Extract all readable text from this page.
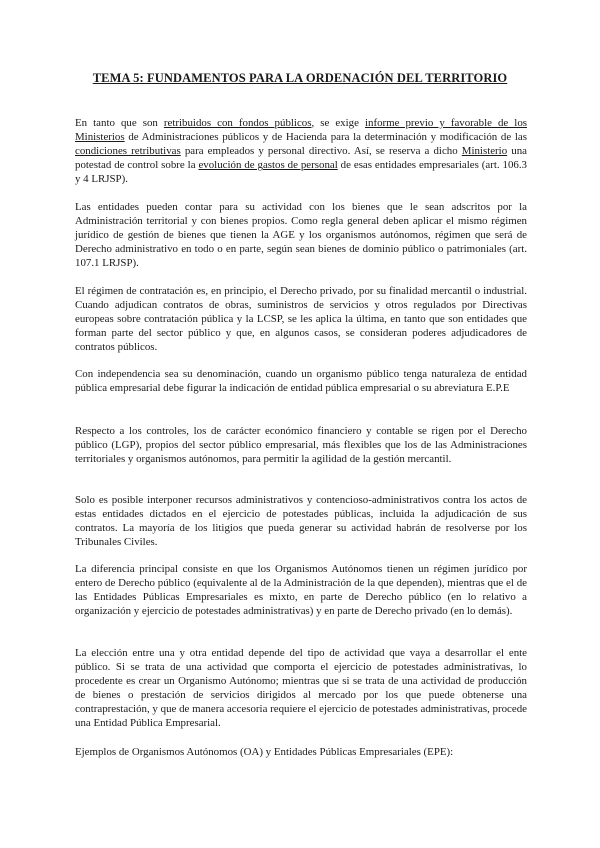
TEMA 5: FUNDAMENTOS PARA LA ORDENACIÓN DEL TERRITORIO

En tanto que son retribuidos con fondos públicos, se exige informe previo y favorable de los Ministerios de Administraciones públicos y de Hacienda para la determinación y modificación de las condiciones retributivas para empleados y personal directivo. Así, se reserva a dicho Ministerio una potestad de control sobre la evolución de gastos de personal de esas entidades empresariales (art. 106.3 y 4 LRJSP).

Las entidades pueden contar para su actividad con los bienes que le sean adscritos por la Administración territorial y con bienes propios. Como regla general deben aplicar el mismo régimen jurídico de gestión de bienes que tienen la AGE y los organismos autónomos, régimen que será de Derecho administrativo en todo o en parte, según sean bienes de dominio público o patrimoniales (art. 107.1 LRJSP).

El régimen de contratación es, en principio, el Derecho privado, por su finalidad mercantil o industrial. Cuando adjudican contratos de obras, suministros de servicios y otros regulados por Directivas europeas sobre contratación pública y la LCSP, se les aplica la última, en tanto que son entidades que forman parte del sector público y que, en algunos casos, se consideran poderes adjudicadores de contratos públicos.

Con independencia sea su denominación, cuando un organismo público tenga naturaleza de entidad pública empresarial debe figurar la indicación de entidad pública empresarial o su abreviatura E.P.E

Respecto a los controles, los de carácter económico financiero y contable se rigen por el Derecho público (LGP), propios del sector público empresarial, más flexibles que los de las Administraciones territoriales y organismos autónomos, para permitir la agilidad de la gestión mercantil.

Solo es posible interponer recursos administrativos y contencioso-administrativos contra los actos de estas entidades dictados en el ejercicio de potestades públicas, incluida la adjudicación de sus contratos. La mayoría de los litigios que pueda generar su actividad habrán de resolverse por los Tribunales Civiles.

La diferencia principal consiste en que los Organismos Autónomos tienen un régimen jurídico por entero de Derecho público (equivalente al de la Administración de la que dependen), mientras que el de las Entidades Públicas Empresariales es mixto, en parte de Derecho público (en lo relativo a organización y ejercicio de potestades administrativas) y en parte de Derecho privado (en lo demás).

La elección entre una y otra entidad depende del tipo de actividad que vaya a desarrollar el ente público. Si se trata de una actividad que comporta el ejercicio de potestades administrativas, lo procedente es crear un Organismo Autónomo; mientras que si se trata de una actividad de producción de bienes o prestación de servicios dirigidos al mercado por los que puede obtenerse una contraprestación, y que de manera accesoria requiere el ejercicio de potestades administrativas, procede una Entidad Pública Empresarial.

Ejemplos de Organismos Autónomos (OA) y Entidades Públicas Empresariales (EPE):
